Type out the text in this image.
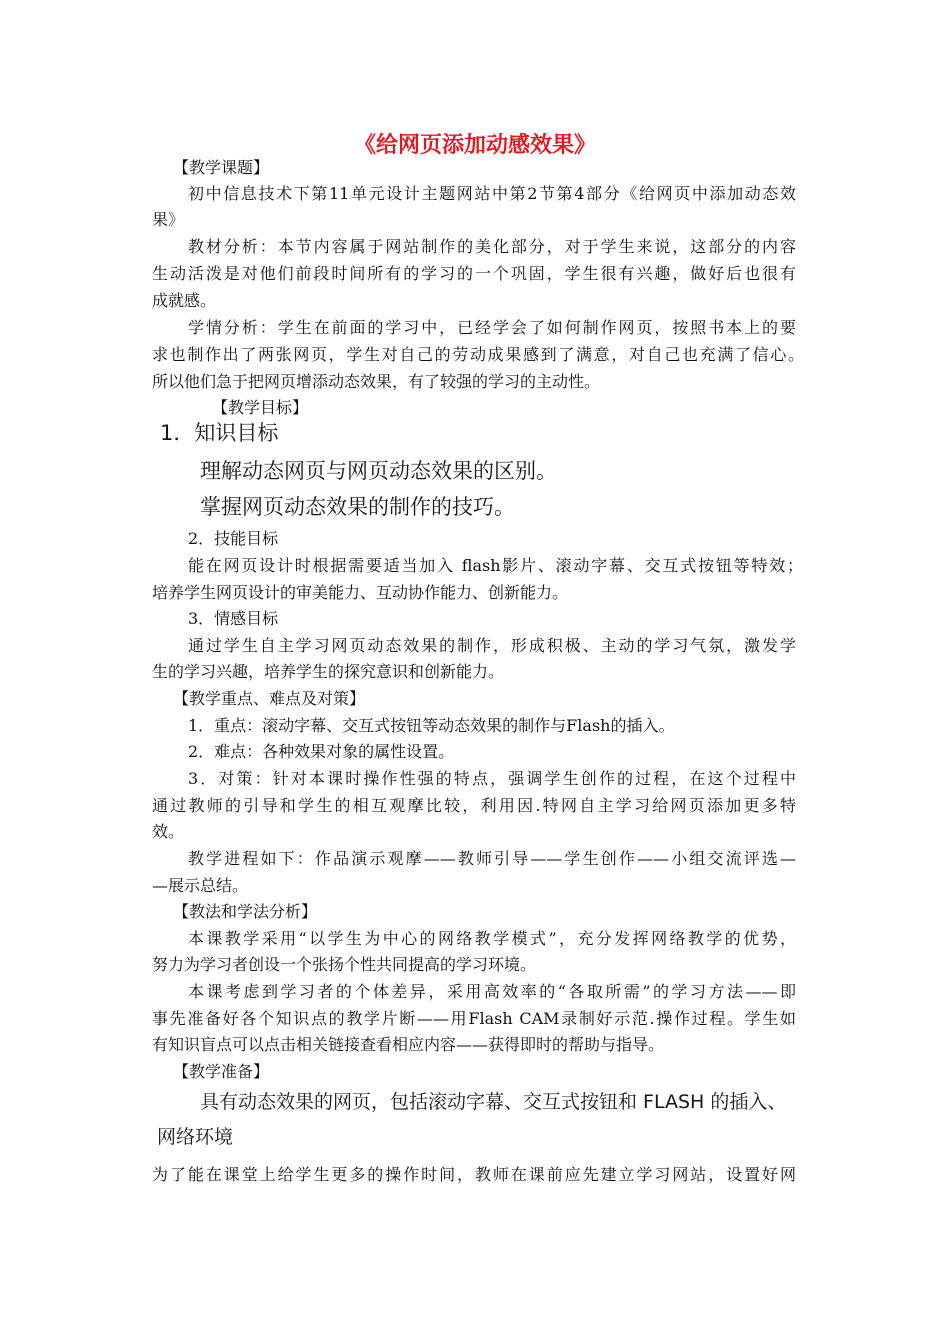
《给网页添加动感效果》
【教学课题】
初中信息技术下第11单元设计主题网站中第2节第4部分《给网页中添加动态效
果》
教材分析：本节内容属于网站制作的美化部分，对于学生来说，这部分的内容
生动活泼是对他们前段时间所有的学习的一个巩固，学生很有兴趣，做好后也很有
成就感。
学情分析：学生在前面的学习中，已经学会了如何制作网页，按照书本上的要
求也制作出了两张网页，学生对自己的劳动成果感到了满意，对自己也充满了信心。
所以他们急于把网页增添动态效果，有了较强的学习的主动性。
【教学目标】
1．知识目标
理解动态网页与网页动态效果的区别。
掌握网页动态效果的制作的技巧。
2．技能目标
能在网页设计时根据需要适当加入 flash影片、滚动字幕、交互式按钮等特效；
培养学生网页设计的审美能力、互动协作能力、创新能力。
3．情感目标
通过学生自主学习网页动态效果的制作，形成积极、主动的学习气氛，激发学
生的学习兴趣，培养学生的探究意识和创新能力。
【教学重点、难点及对策】
1．重点：滚动字幕、交互式按钮等动态效果的制作与Flash的插入。
2．难点：各种效果对象的属性设置。
3．对策：针对本课时操作性强的特点，强调学生创作的过程，在这个过程中
通过教师的引导和学生的相互观摩比较，利用因.特网自主学习给网页添加更多特
效。
教学进程如下：作品演示观摩——教师引导——学生创作——小组交流评选—
—展示总结。
【教法和学法分析】
本课教学采用“以学生为中心的网络教学模式”，充分发挥网络教学的优势，
努力为学习者创设一个张扬个性共同提高的学习环境。
本课考虑到学习者的个体差异，采用高效率的“各取所需”的学习方法——即
事先准备好各个知识点的教学片断——用Flash CAM录制好示范.操作过程。学生如
有知识盲点可以点击相关链接查看相应内容——获得即时的帮助与指导。
【教学准备】
具有动态效果的网页，包括滚动字幕、交互式按钮和 FLASH 的插入、
网络环境
为了能在课堂上给学生更多的操作时间，教师在课前应先建立学习网站，设置好网
